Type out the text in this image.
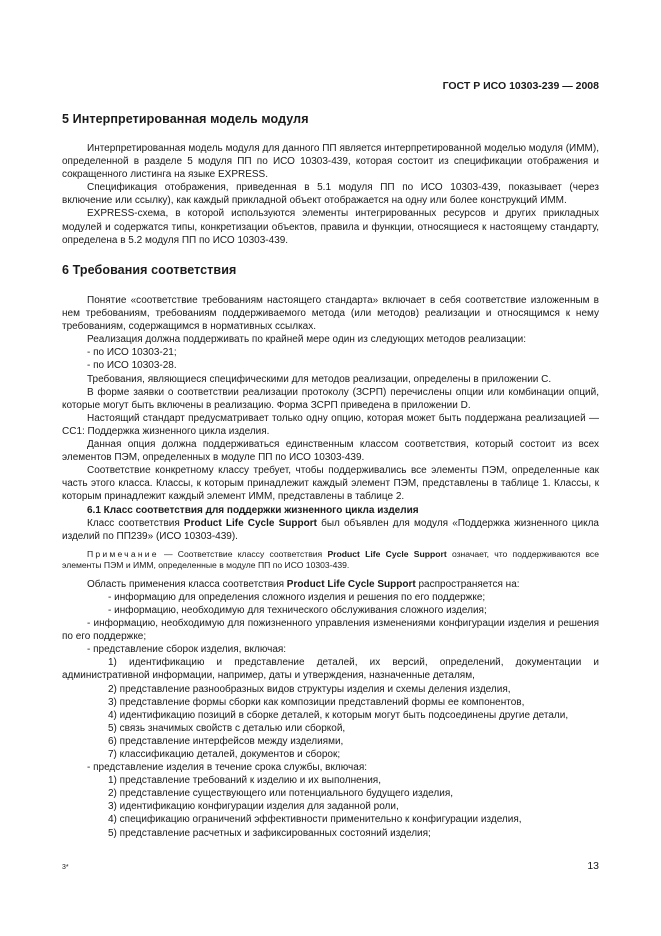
ГОСТ Р ИСО 10303-239 — 2008
5 Интерпретированная модель модуля

Интерпретированная модель модуля для данного ПП является интерпретированной моделью модуля (ИММ), определенной в разделе 5 модуля ПП по ИСО 10303-439, которая состоит из спецификации отображения и сокращенного листинга на языке EXPRESS.

Спецификация отображения, приведенная в 5.1 модуля ПП по ИСО 10303-439, показывает (через включение или ссылку), как каждый прикладной объект отображается на одну или более конструкций ИММ.

EXPRESS-схема, в которой используются элементы интегрированных ресурсов и других прикладных модулей и содержатся типы, конкретизации объектов, правила и функции, относящиеся к настоящему стандарту, определена в 5.2 модуля ПП по ИСО 10303-439.

6 Требования соответствия

Понятие «соответствие требованиям настоящего стандарта» включает в себя соответствие изложенным в нем требованиям, требованиям поддерживаемого метода (или методов) реализации и относящимся к нему требованиям, содержащимся в нормативных ссылках.

Реализация должна поддерживать по крайней мере один из следующих методов реализации:

- по ИСО 10303-21;

- по ИСО 10303-28.

Требования, являющиеся специфическими для методов реализации, определены в приложении С.

В форме заявки о соответствии реализации протоколу (ЗСРП) перечислены опции или комбинации опций, которые могут быть включены в реализацию. Форма ЗСРП приведена в приложении D.

Настоящий стандарт предусматривает только одну опцию, которая может быть поддержана реализацией — СС1: Поддержка жизненного цикла изделия.

Данная опция должна поддерживаться единственным классом соответствия, который состоит из всех элементов ПЭМ, определенных в модуле ПП по ИСО 10303-439.

Соответствие конкретному классу требует, чтобы поддерживались все элементы ПЭМ, определенные как часть этого класса. Классы, к которым принадлежит каждый элемент ПЭМ, представлены в таблице 1. Классы, к которым принадлежит каждый элемент ИММ, представлены в таблице 2.

6.1 Класс соответствия для поддержки жизненного цикла изделия

Класс соответствия Product Life Cycle Support был объявлен для модуля «Поддержка жизненного цикла изделий по ПП239» (ИСО 10303-439).

Примечание — Соответствие классу соответствия Product Life Cycle Support означает, что поддерживаются все элементы ПЭМ и ИММ, определенные в модуле ПП по ИСО 10303-439.

Область применения класса соответствия Product Life Cycle Support распространяется на:

- информацию для определения сложного изделия и решения по его поддержке;

- информацию, необходимую для технического обслуживания сложного изделия;

- информацию, необходимую для пожизненного управления изменениями конфигурации изделия и решения по его поддержке;

- представление сборок изделия, включая:

1) идентификацию и представление деталей, их версий, определений, документации и административной информации, например, даты и утверждения, назначенные деталям,

2) представление разнообразных видов структуры изделия и схемы деления изделия,

3) представление формы сборки как композиции представлений формы ее компонентов,

4) идентификацию позиций в сборке деталей, к которым могут быть подсоединены другие детали,

5) связь значимых свойств с деталью или сборкой,

6) представление интерфейсов между изделиями,

7) классификацию деталей, документов и сборок;

- представление изделия в течение срока службы, включая:

1) представление требований к изделию и их выполнения,

2) представление существующего или потенциального будущего изделия,

3) идентификацию конфигурации изделия для заданной роли,

4) спецификацию ограничений эффективности применительно к конфигурации изделия,

5) представление расчетных и зафиксированных состояний изделия;

3*	13
